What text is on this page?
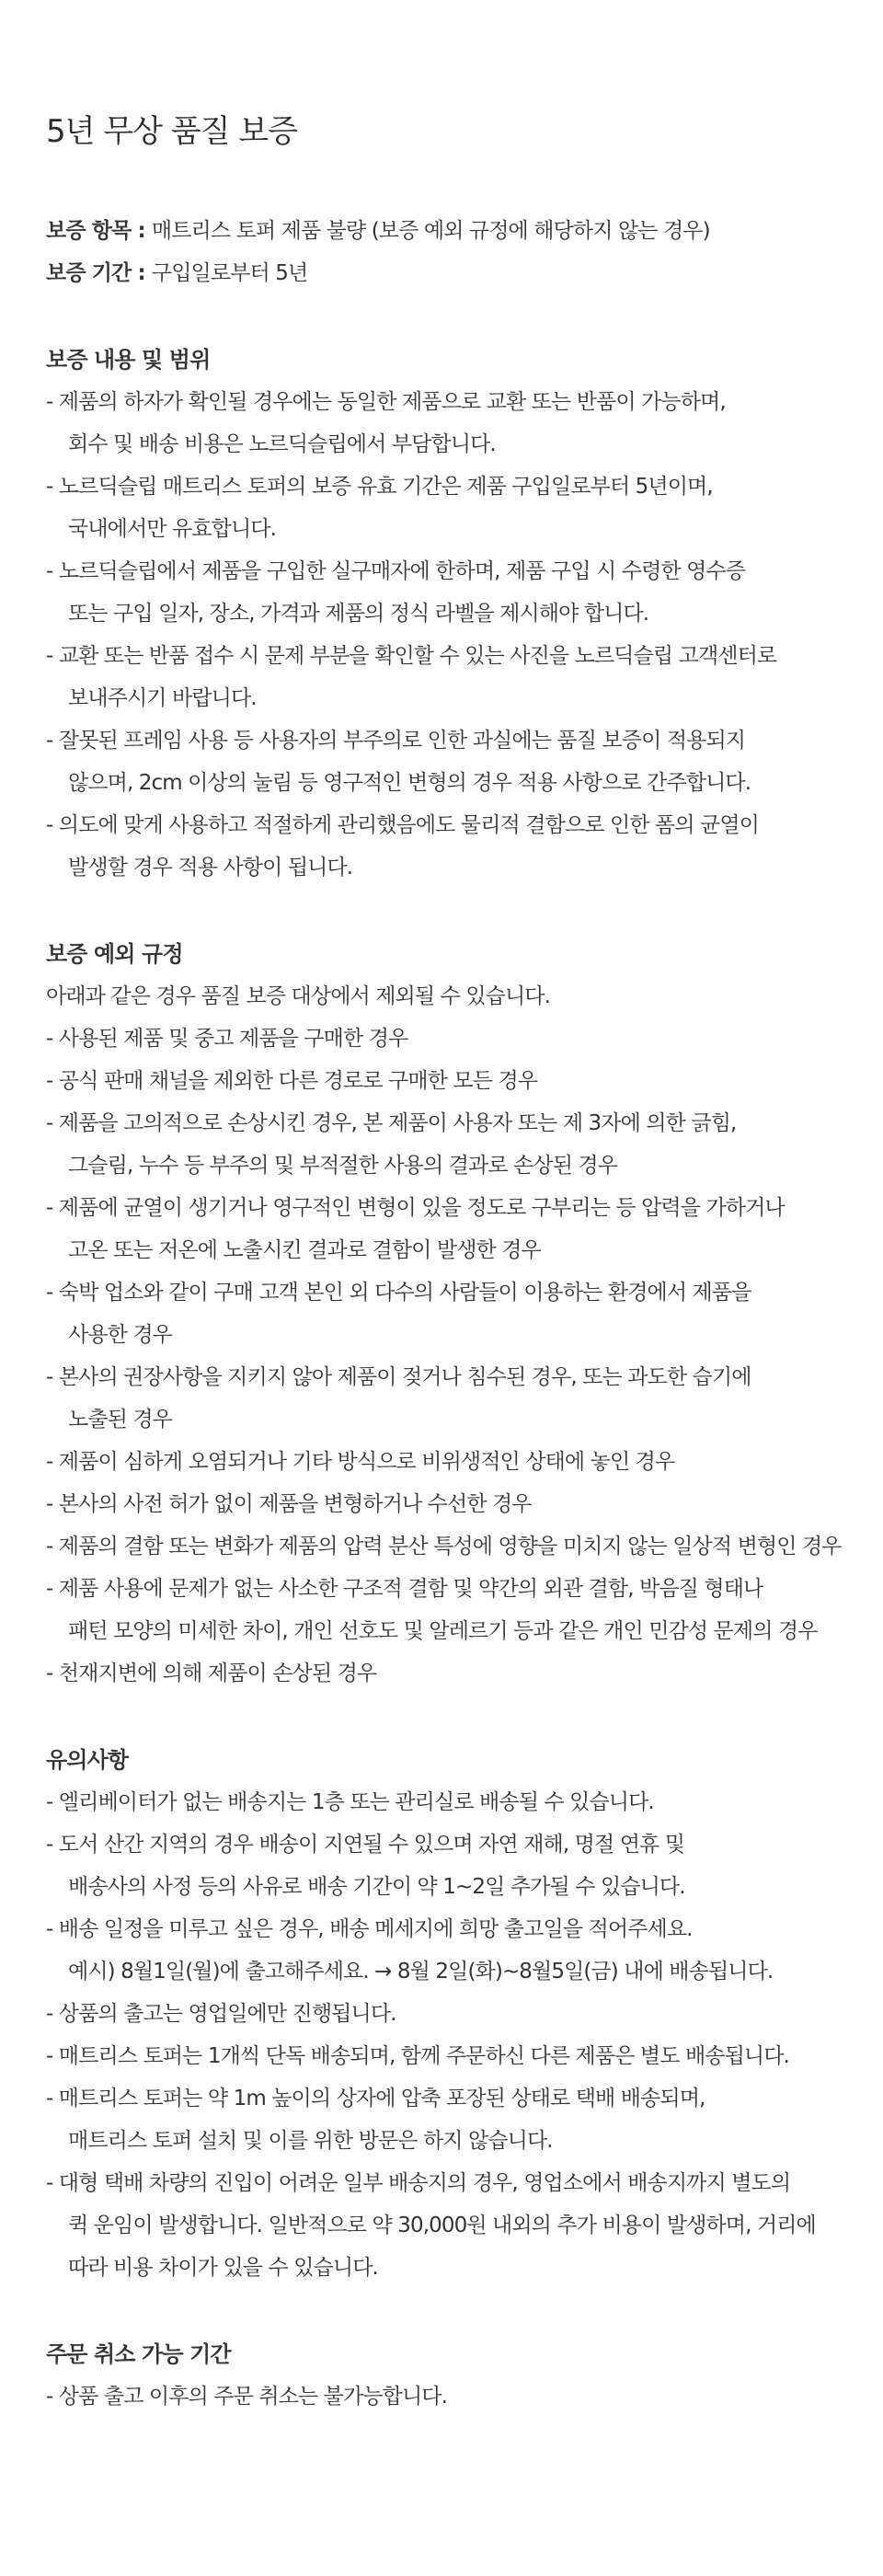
5년 무상 품질 보증
보증 항목 : 매트리스 토퍼 제품 불량 (보증 예외 규정에 해당하지 않는 경우)
보증 기간 : 구입일로부터 5년
보증 내용 및 범위
- 제품의 하자가 확인될 경우에는 동일한 제품으로 교환 또는 반품이 가능하며,
회수 및 배송 비용은 노르딕슬립에서 부담합니다.
- 노르딕슬립 매트리스 토퍼의 보증 유효 기간은 제품 구입일로부터 5년이며,
국내에서만 유효합니다.
- 노르딕슬립에서 제품을 구입한 실구매자에 한하며, 제품 구입 시 수령한 영수증
또는 구입 일자, 장소, 가격과 제품의 정식 라벨을 제시해야 합니다.
- 교환 또는 반품 접수 시 문제 부분을 확인할 수 있는 사진을 노르딕슬립 고객센터로
보내주시기 바랍니다.
- 잘못된 프레임 사용 등 사용자의 부주의로 인한 과실에는 품질 보증이 적용되지
않으며, 2cm 이상의 눌림 등 영구적인 변형의 경우 적용 사항으로 간주합니다.
- 의도에 맞게 사용하고 적절하게 관리했음에도 물리적 결함으로 인한 폼의 균열이
발생할 경우 적용 사항이 됩니다.
보증 예외 규정
아래과 같은 경우 품질 보증 대상에서 제외될 수 있습니다.
- 사용된 제품 및 중고 제품을 구매한 경우
- 공식 판매 채널을 제외한 다른 경로로 구매한 모든 경우
- 제품을 고의적으로 손상시킨 경우, 본 제품이 사용자 또는 제 3자에 의한 긁힘,
그슬림, 누수 등 부주의 및 부적절한 사용의 결과로 손상된 경우
- 제품에 균열이 생기거나 영구적인 변형이 있을 정도로 구부리는 등 압력을 가하거나
고온 또는 저온에 노출시킨 결과로 결함이 발생한 경우
- 숙박 업소와 같이 구매 고객 본인 외 다수의 사람들이 이용하는 환경에서 제품을
사용한 경우
- 본사의 권장사항을 지키지 않아 제품이 젖거나 침수된 경우, 또는 과도한 습기에
노출된 경우
- 제품이 심하게 오염되거나 기타 방식으로 비위생적인 상태에 놓인 경우
- 본사의 사전 허가 없이 제품을 변형하거나 수선한 경우
- 제품의 결함 또는 변화가 제품의 압력 분산 특성에 영향을 미치지 않는 일상적 변형인 경우
- 제품 사용에 문제가 없는 사소한 구조적 결함 및 약간의 외관 결함, 박음질 형태나
패턴 모양의 미세한 차이, 개인 선호도 및 알레르기 등과 같은 개인 민감성 문제의 경우
- 천재지변에 의해 제품이 손상된 경우
유의사항
- 엘리베이터가 없는 배송지는 1층 또는 관리실로 배송될 수 있습니다.
- 도서 산간 지역의 경우 배송이 지연될 수 있으며 자연 재해, 명절 연휴 및
배송사의 사정 등의 사유로 배송 기간이 약 1~2일 추가될 수 있습니다.
- 배송 일정을 미루고 싶은 경우, 배송 메세지에 희망 출고일을 적어주세요.
예시) 8월1일(월)에 출고해주세요. → 8월 2일(화)~8월5일(금) 내에 배송됩니다.
- 상품의 출고는 영업일에만 진행됩니다.
- 매트리스 토퍼는 1개씩 단독 배송되며, 함께 주문하신 다른 제품은 별도 배송됩니다.
- 매트리스 토퍼는 약 1m 높이의 상자에 압축 포장된 상태로 택배 배송되며,
매트리스 토퍼 설치 및 이를 위한 방문은 하지 않습니다.
- 대형 택배 차량의 진입이 어려운 일부 배송지의 경우, 영업소에서 배송지까지 별도의
퀵 운임이 발생합니다. 일반적으로 약 30,000원 내외의 추가 비용이 발생하며, 거리에
따라 비용 차이가 있을 수 있습니다.
주문 취소 가능 기간
- 상품 출고 이후의 주문 취소는 불가능합니다.
